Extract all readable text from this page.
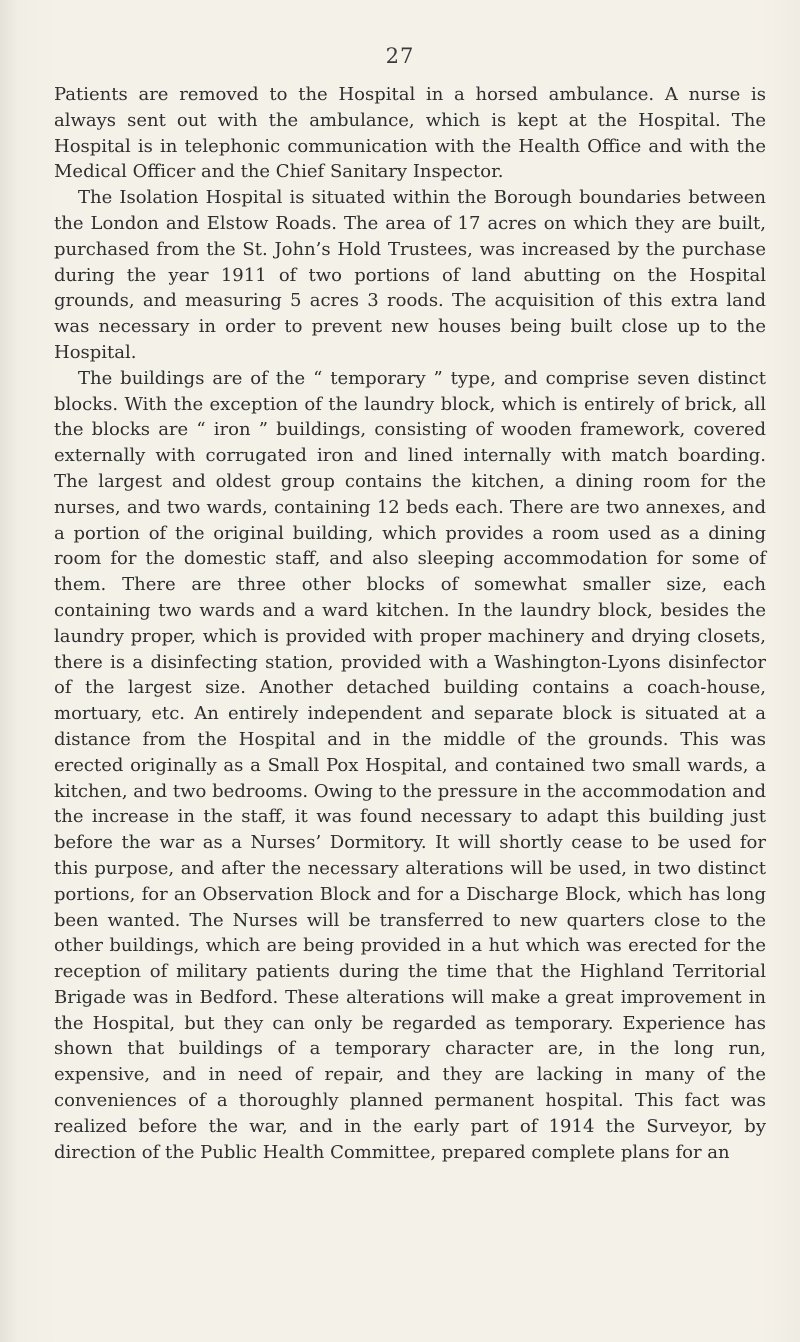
27

Patients are removed to the Hospital in a horsed ambulance. A nurse is always sent out with the ambulance, which is kept at the Hospital. The Hospital is in telephonic communication with the Health Office and with the Medical Officer and the Chief Sanitary Inspector.

The Isolation Hospital is situated within the Borough boundaries between the London and Elstow Roads. The area of 17 acres on which they are built, purchased from the St. John’s Hold Trustees, was increased by the purchase during the year 1911 of two portions of land abutting on the Hospital grounds, and measuring 5 acres 3 roods. The acquisition of this extra land was necessary in order to prevent new houses being built close up to the Hospital.

The buildings are of the “ temporary ” type, and comprise seven distinct blocks. With the exception of the laundry block, which is entirely of brick, all the blocks are “ iron ” buildings, consisting of wooden framework, covered externally with corrugated iron and lined internally with match boarding. The largest and oldest group contains the kitchen, a dining room for the nurses, and two wards, containing 12 beds each. There are two annexes, and a portion of the original building, which provides a room used as a dining room for the domestic staff, and also sleeping accommodation for some of them. There are three other blocks of somewhat smaller size, each containing two wards and a ward kitchen. In the laundry block, besides the laundry proper, which is provided with proper machinery and drying closets, there is a disinfecting station, provided with a Washington-Lyons disinfector of the largest size. Another detached building contains a coach-house, mortuary, etc. An entirely independent and separate block is situated at a distance from the Hospital and in the middle of the grounds. This was erected originally as a Small Pox Hospital, and contained two small wards, a kitchen, and two bedrooms. Owing to the pressure in the accommodation and the increase in the staff, it was found necessary to adapt this building just before the war as a Nurses’ Dormitory. It will shortly cease to be used for this purpose, and after the necessary alterations will be used, in two distinct portions, for an Observation Block and for a Discharge Block, which has long been wanted. The Nurses will be transferred to new quarters close to the other buildings, which are being provided in a hut which was erected for the reception of military patients during the time that the Highland Territorial Brigade was in Bedford. These alterations will make a great improvement in the Hospital, but they can only be regarded as temporary. Experience has shown that buildings of a temporary character are, in the long run, expensive, and in need of repair, and they are lacking in many of the conveniences of a thoroughly planned permanent hospital. This fact was realized before the war, and in the early part of 1914 the Surveyor, by direction of the Public Health Committee, prepared complete plans for an
